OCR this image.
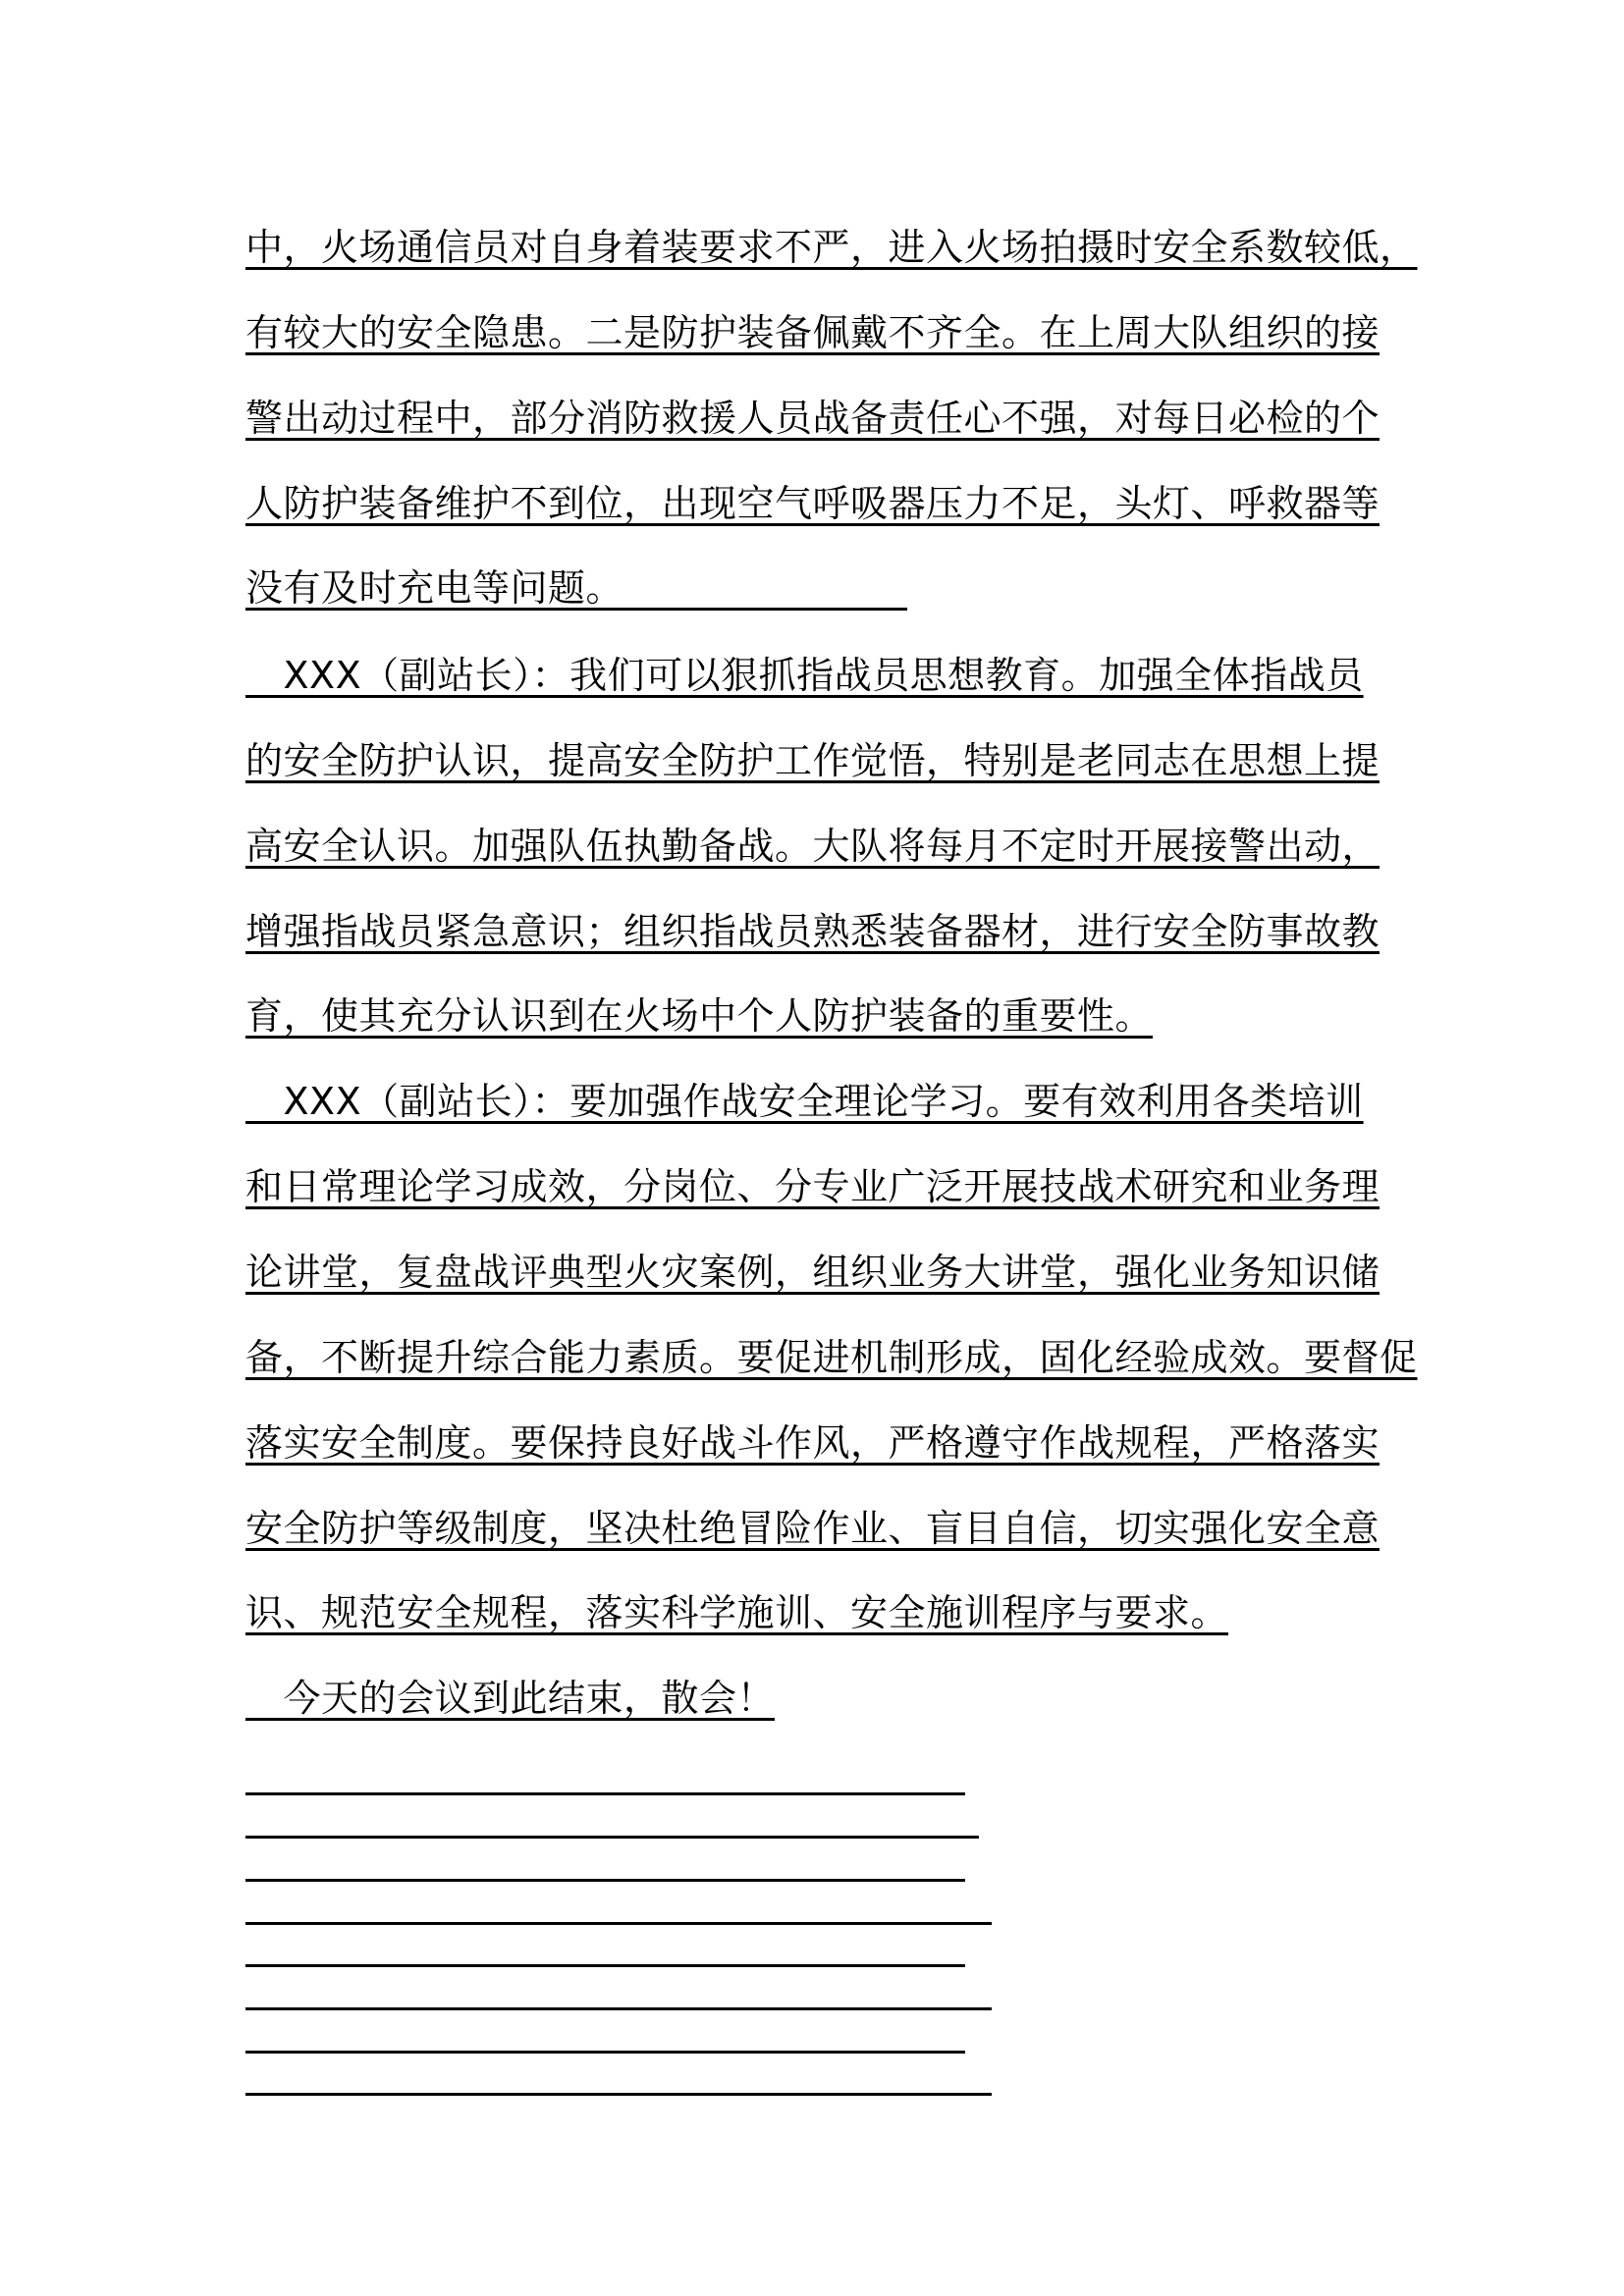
中，火场通信员对自身着装要求不严，进入火场拍摄时安全系数较低，
有较大的安全隐患。二是防护装备佩戴不齐全。在上周大队组织的接
警出动过程中，部分消防救援人员战备责任心不强，对每日必检的个
人防护装备维护不到位，出现空气呼吸器压力不足，头灯、呼救器等
没有及时充电等问题。　　　　　　　　
　XXX（副站长）：我们可以狠抓指战员思想教育。加强全体指战员
的安全防护认识，提高安全防护工作觉悟，特别是老同志在思想上提
高安全认识。加强队伍执勤备战。大队将每月不定时开展接警出动，
增强指战员紧急意识；组织指战员熟悉装备器材，进行安全防事故教
育，使其充分认识到在火场中个人防护装备的重要性。
　XXX（副站长）：要加强作战安全理论学习。要有效利用各类培训
和日常理论学习成效，分岗位、分专业广泛开展技战术研究和业务理
论讲堂，复盘战评典型火灾案例，组织业务大讲堂，强化业务知识储
备，不断提升综合能力素质。要促进机制形成，固化经验成效。要督促
落实安全制度。要保持良好战斗作风，严格遵守作战规程，严格落实
安全防护等级制度，坚决杜绝冒险作业、盲目自信，切实强化安全意
识、规范安全规程，落实科学施训、安全施训程序与要求。
　今天的会议到此结束，散会！
